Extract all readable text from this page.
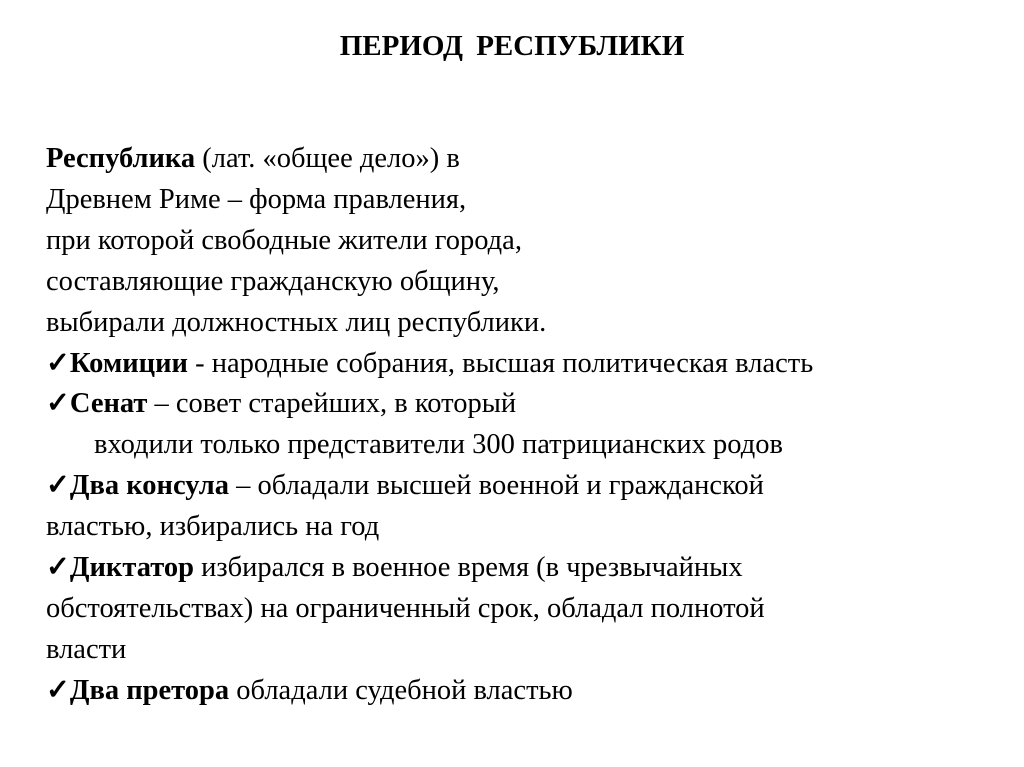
ПЕРИОД РЕСПУБЛИКИ
Республика (лат. «общее дело») в
Древнем Риме – форма правления,
при которой свободные жители города,
составляющие гражданскую общину,
выбирали должностных лиц республики.
✓Комиции - народные собрания, высшая политическая власть
✓Сенат – совет старейших, в который
входили только представители 300 патрицианских родов
✓Два консула – обладали высшей военной и гражданской
властью, избирались на год
✓Диктатор избирался в военное время (в чрезвычайных
обстоятельствах) на ограниченный срок, обладал полнотой
власти
✓Два претора обладали судебной властью
